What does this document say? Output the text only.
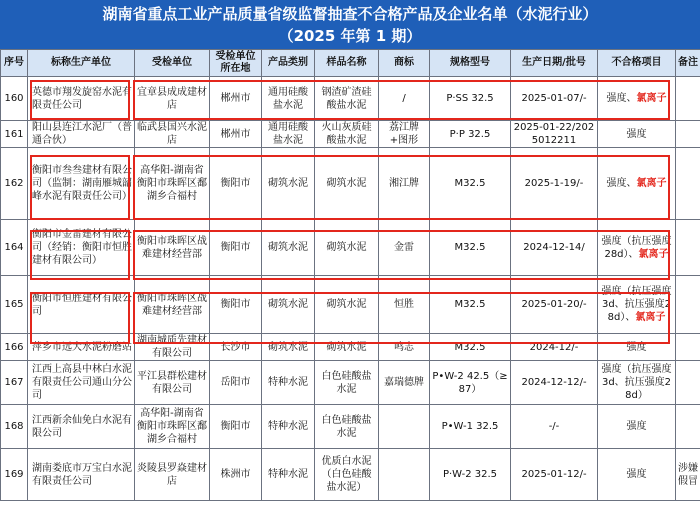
湖南省重点工业产品质量省级监督抽查不合格产品及企业名单（水泥行业）
（2025 年第 1 期）
序号	标称生产单位	受检单位	受检单位所在地	产品类别	样品名称	商标	规格型号	生产日期/批号	不合格项目	备注
160	英德市翔发旋窑水泥有限责任公司	宜章县成成建材店	郴州市	通用硅酸盐水泥	钢渣矿渣硅酸盐水泥	/	P·SS 32.5	2025-01-07/-	强度、氯离子	
161	阳山县连江水泥厂（普通合伙）	临武县国兴水泥店	郴州市	通用硅酸盐水泥	火山灰质硅酸盐水泥	荔江牌+图形	P·P 32.5	2025-01-22/2025012211	强度	
162	衡阳市叁叁建材有限公司（监制：湖南雁城韶峰水泥有限责任公司）	高华阳-湖南省衡阳市珠晖区鄱湖乡合福村	衡阳市	砌筑水泥	砌筑水泥	湘江牌	M32.5	2025-1-19/-	强度、氯离子	
164	衡阳市金雷建材有限公司（经销：衡阳市恒胜建材有限公司）	衡阳市珠晖区战难建材经营部	衡阳市	砌筑水泥	砌筑水泥	金雷	M32.5	2024-12-14/	强度（抗压强度28d）、氯离子	
165	衡阳市恒胜建材有限公司	衡阳市珠晖区战难建材经营部	衡阳市	砌筑水泥	砌筑水泥	恒胜	M32.5	2025-01-20/-	强度（抗压强度3d、抗压强度28d）、氯离子	
166	萍乡市远大水泥粉磨站	湖南城质先建材有限公司	长沙市	砌筑水泥	砌筑水泥	鸣志	M32.5	2024-12/-	强度	
167	江西上高县中林白水泥有限责任公司通山分公司	平江县群松建材有限公司	岳阳市	特种水泥	白色硅酸盐水泥	嘉瑞德牌	P•W-2 42.5（≥ 87）	2024-12-12/-	强度（抗压强度3d、抗压强度28d）	
168	江西新余仙免白水泥有限公司	高华阳-湖南省衡阳市珠晖区鄱湖乡合福村	衡阳市	特种水泥	白色硅酸盐水泥		P•W-1 32.5	-/-	强度	
169	湖南娄底市万宝白水泥有限责任公司	炎陵县罗焱建材店	株洲市	特种水泥	优质白水泥（白色硅酸盐水泥）		P·W-2 32.5	2025-01-12/-	强度	涉嫌假冒
